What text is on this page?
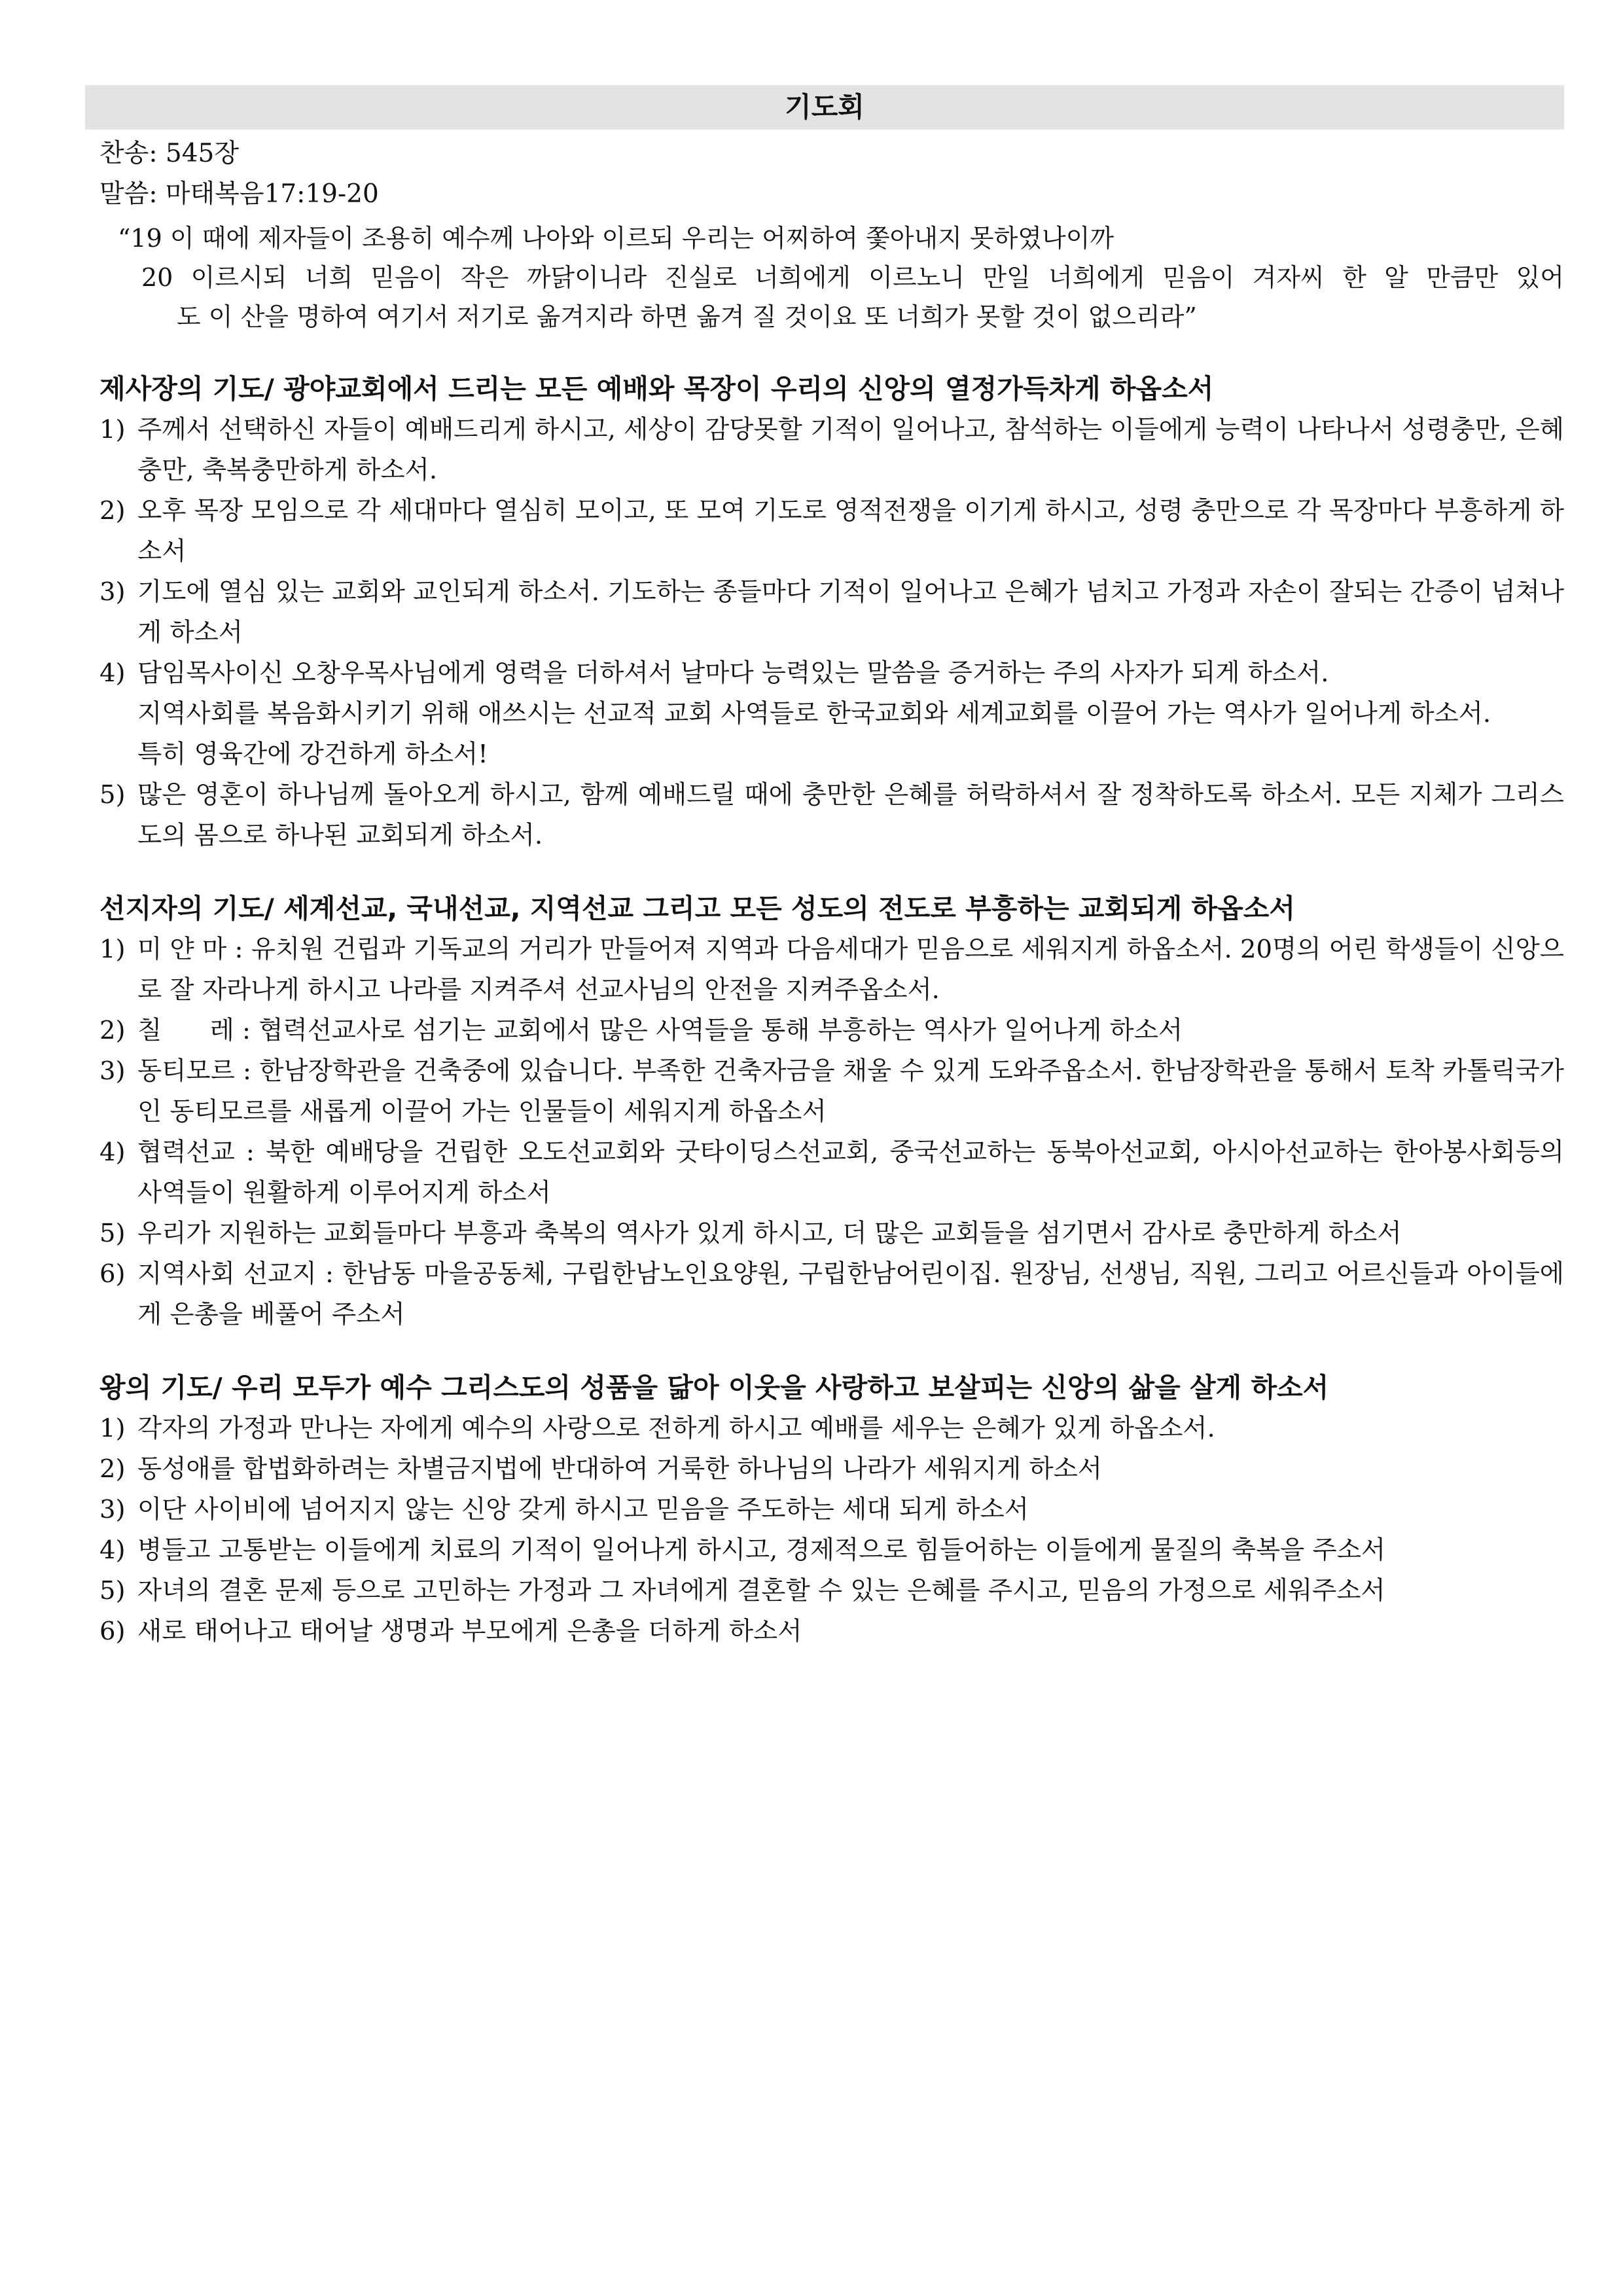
기도회
찬송: 545장
말씀: 마태복음17:19-20
“19 이 때에 제자들이 조용히 예수께 나아와 이르되 우리는 어찌하여 쫓아내지 못하였나이까
20 이르시되 너희 믿음이 작은 까닭이니라 진실로 너희에게 이르노니 만일 너희에게 믿음이 겨자씨 한 알 만큼만 있어
도 이 산을 명하여 여기서 저기로 옮겨지라 하면 옮겨 질 것이요 또 너희가 못할 것이 없으리라”
제사장의 기도/ 광야교회에서 드리는 모든 예배와 목장이 우리의 신앙의 열정가득차게 하옵소서
1) 주께서 선택하신 자들이 예배드리게 하시고, 세상이 감당못할 기적이 일어나고, 참석하는 이들에게 능력이 나타나서 성령충만, 은혜충만, 축복충만하게 하소서.
2) 오후 목장 모임으로 각 세대마다 열심히 모이고, 또 모여 기도로 영적전쟁을 이기게 하시고, 성령 충만으로 각 목장마다 부흥하게 하소서
3) 기도에 열심 있는 교회와 교인되게 하소서. 기도하는 종들마다 기적이 일어나고 은혜가 넘치고 가정과 자손이 잘되는 간증이 넘쳐나게 하소서
4) 담임목사이신 오창우목사님에게 영력을 더하셔서 날마다 능력있는 말씀을 증거하는 주의 사자가 되게 하소서.
지역사회를 복음화시키기 위해 애쓰시는 선교적 교회 사역들로 한국교회와 세계교회를 이끌어 가는 역사가 일어나게 하소서.
특히 영육간에 강건하게 하소서!
5) 많은 영혼이 하나님께 돌아오게 하시고, 함께 예배드릴 때에 충만한 은혜를 허락하셔서 잘 정착하도록 하소서. 모든 지체가 그리스도의 몸으로 하나된 교회되게 하소서.
선지자의 기도/ 세계선교, 국내선교, 지역선교 그리고 모든 성도의 전도로 부흥하는 교회되게 하옵소서
1) 미 얀 마 : 유치원 건립과 기독교의 거리가 만들어져 지역과 다음세대가 믿음으로 세워지게 하옵소서. 20명의 어린 학생들이 신앙으로 잘 자라나게 하시고 나라를 지켜주셔 선교사님의 안전을 지켜주옵소서.
2) 칠      레 : 협력선교사로 섬기는 교회에서 많은 사역들을 통해 부흥하는 역사가 일어나게 하소서
3) 동티모르 : 한남장학관을 건축중에 있습니다. 부족한 건축자금을 채울 수 있게 도와주옵소서. 한남장학관을 통해서 토착 카톨릭국가인 동티모르를 새롭게 이끌어 가는 인물들이 세워지게 하옵소서
4) 협력선교 : 북한 예배당을 건립한 오도선교회와 굿타이딩스선교회, 중국선교하는 동북아선교회, 아시아선교하는 한아봉사회등의 사역들이 원활하게 이루어지게 하소서
5) 우리가 지원하는 교회들마다 부흥과 축복의 역사가 있게 하시고, 더 많은 교회들을 섬기면서 감사로 충만하게 하소서
6) 지역사회 선교지 : 한남동 마을공동체, 구립한남노인요양원, 구립한남어린이집. 원장님, 선생님, 직원, 그리고 어르신들과 아이들에게 은총을 베풀어 주소서
왕의 기도/ 우리 모두가 예수 그리스도의 성품을 닮아 이웃을 사랑하고 보살피는 신앙의 삶을 살게 하소서
1) 각자의 가정과 만나는 자에게 예수의 사랑으로 전하게 하시고 예배를 세우는 은혜가 있게 하옵소서.
2) 동성애를 합법화하려는 차별금지법에 반대하여 거룩한 하나님의 나라가 세워지게 하소서
3) 이단 사이비에 넘어지지 않는 신앙 갖게 하시고 믿음을 주도하는 세대 되게 하소서
4) 병들고 고통받는 이들에게 치료의 기적이 일어나게 하시고, 경제적으로 힘들어하는 이들에게 물질의 축복을 주소서
5) 자녀의 결혼 문제 등으로 고민하는 가정과 그 자녀에게 결혼할 수 있는 은혜를 주시고, 믿음의 가정으로 세워주소서
6) 새로 태어나고 태어날 생명과 부모에게 은총을 더하게 하소서
